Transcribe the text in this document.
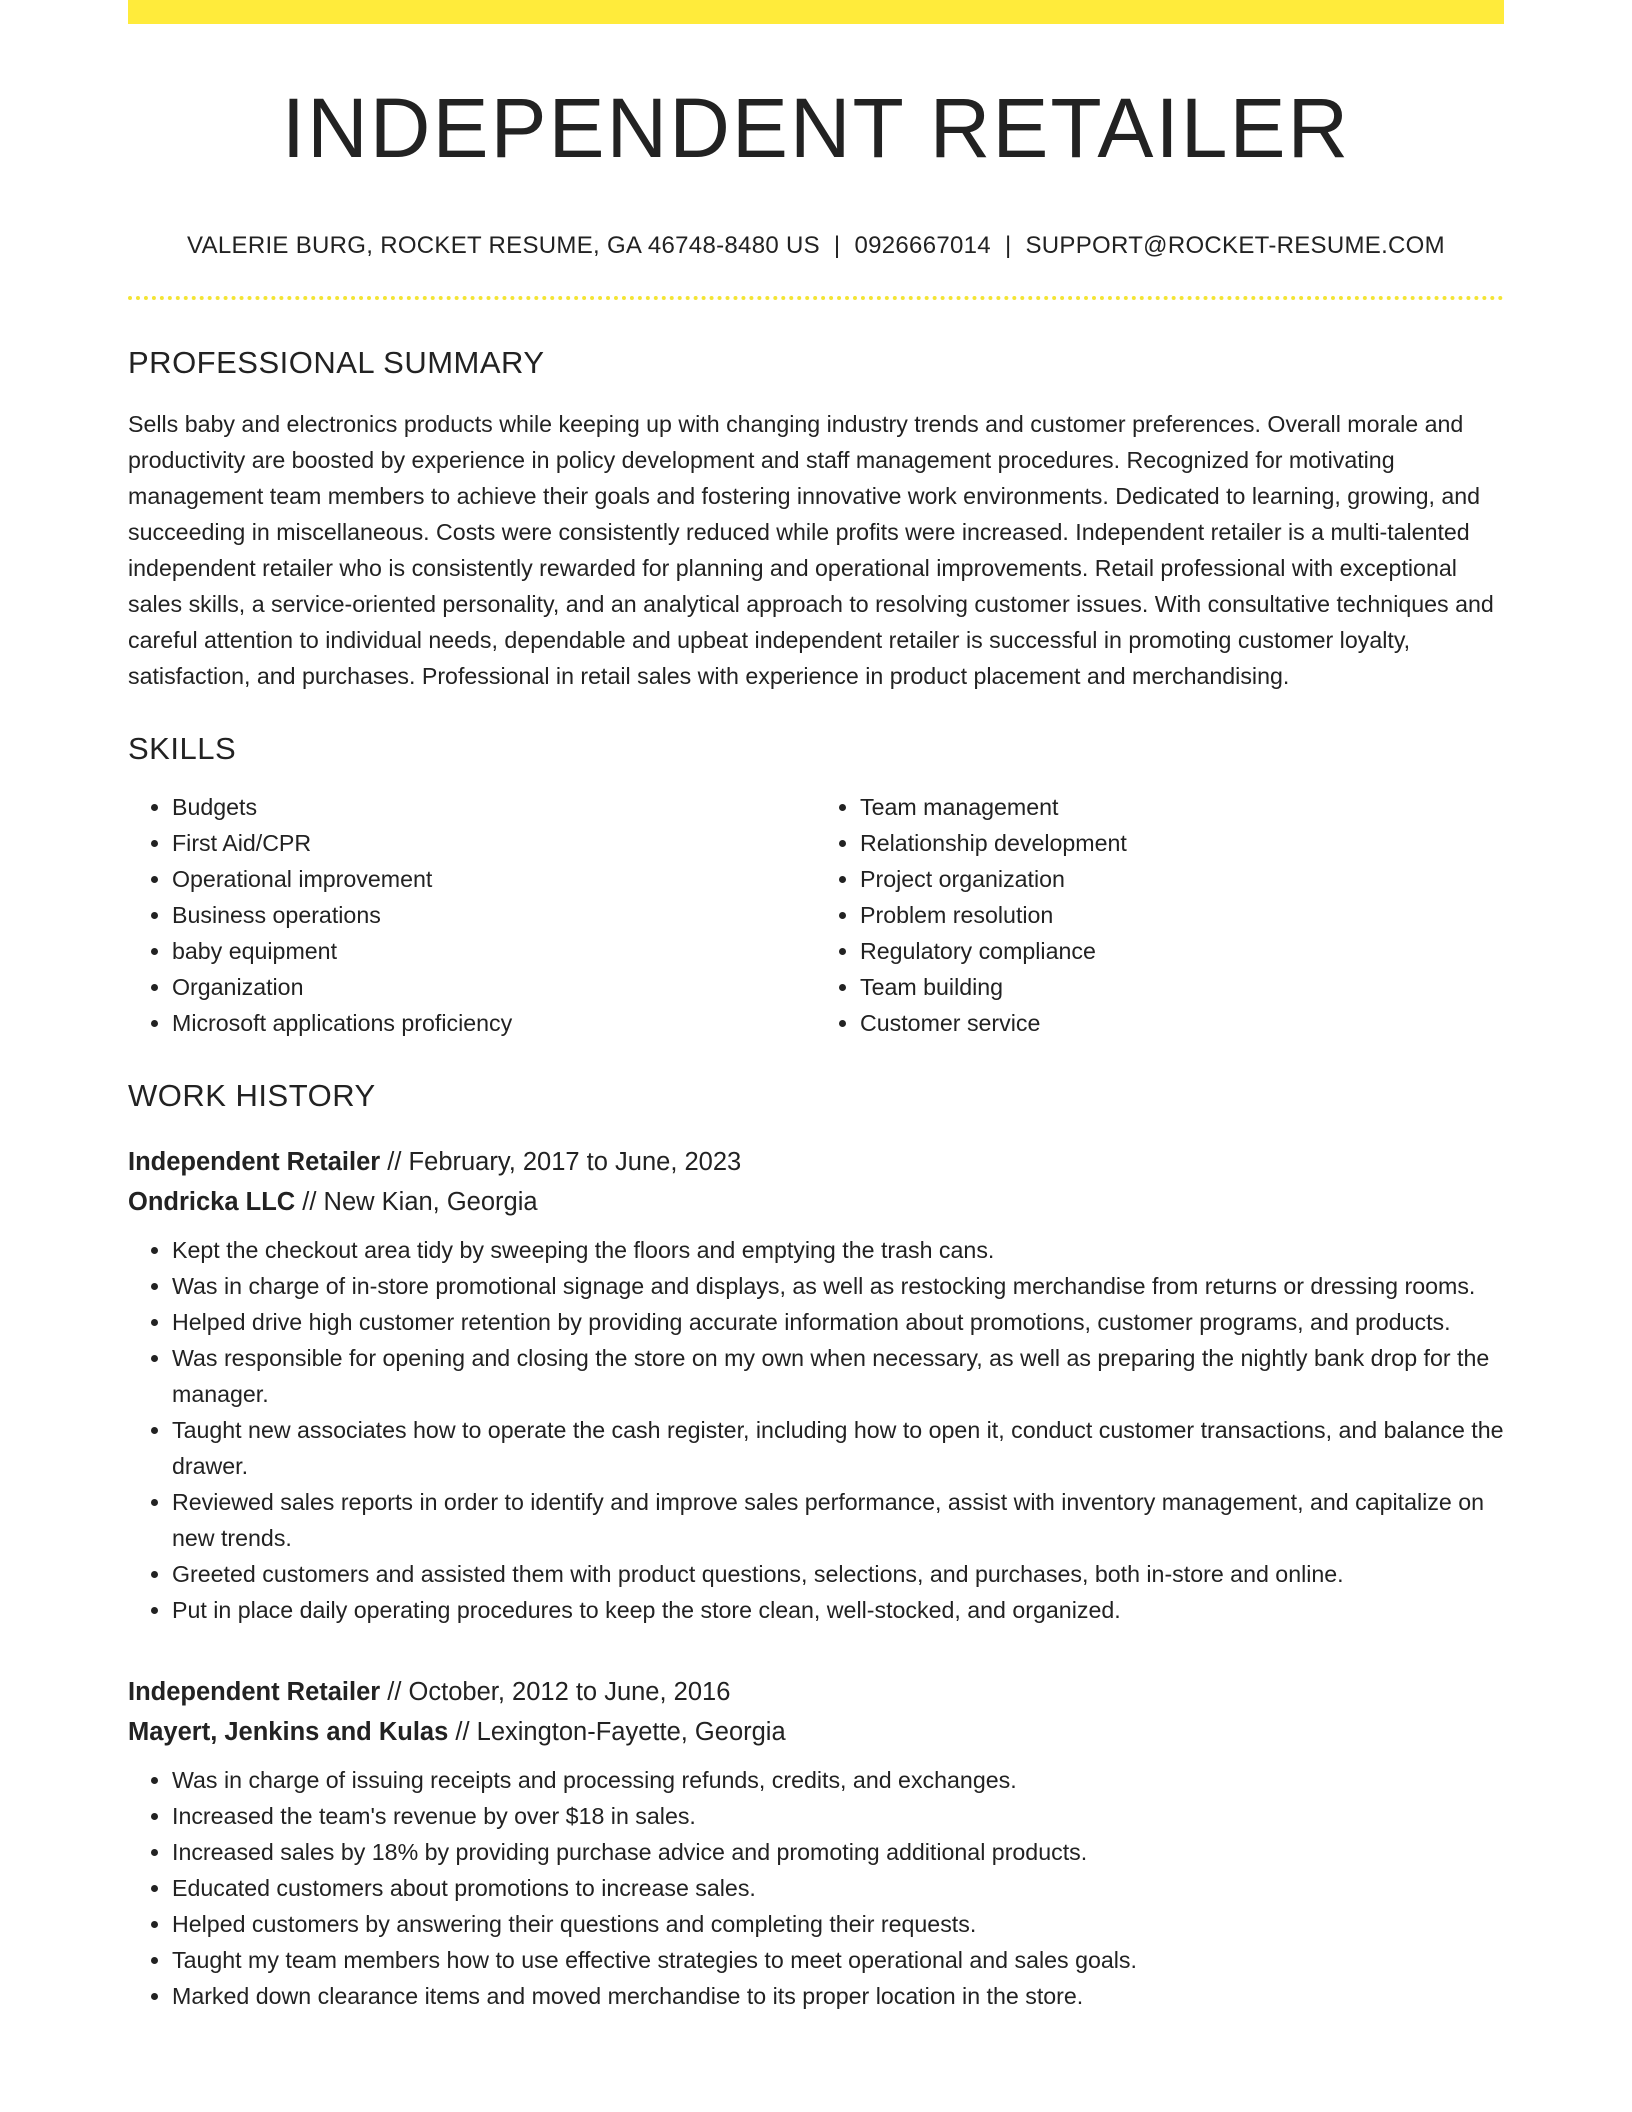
INDEPENDENT RETAILER
VALERIE BURG, ROCKET RESUME, GA 46748-8480 US | 0926667014 | SUPPORT@ROCKET-RESUME.COM
PROFESSIONAL SUMMARY
Sells baby and electronics products while keeping up with changing industry trends and customer preferences. Overall morale and productivity are boosted by experience in policy development and staff management procedures. Recognized for motivating management team members to achieve their goals and fostering innovative work environments. Dedicated to learning, growing, and succeeding in miscellaneous. Costs were consistently reduced while profits were increased. Independent retailer is a multi-talented independent retailer who is consistently rewarded for planning and operational improvements. Retail professional with exceptional sales skills, a service-oriented personality, and an analytical approach to resolving customer issues. With consultative techniques and careful attention to individual needs, dependable and upbeat independent retailer is successful in promoting customer loyalty, satisfaction, and purchases. Professional in retail sales with experience in product placement and merchandising.
SKILLS
• Budgets
• First Aid/CPR
• Operational improvement
• Business operations
• baby equipment
• Organization
• Microsoft applications proficiency
• Team management
• Relationship development
• Project organization
• Problem resolution
• Regulatory compliance
• Team building
• Customer service
WORK HISTORY
Independent Retailer // February, 2017 to June, 2023
Ondricka LLC // New Kian, Georgia
• Kept the checkout area tidy by sweeping the floors and emptying the trash cans.
• Was in charge of in-store promotional signage and displays, as well as restocking merchandise from returns or dressing rooms.
• Helped drive high customer retention by providing accurate information about promotions, customer programs, and products.
• Was responsible for opening and closing the store on my own when necessary, as well as preparing the nightly bank drop for the manager.
• Taught new associates how to operate the cash register, including how to open it, conduct customer transactions, and balance the drawer.
• Reviewed sales reports in order to identify and improve sales performance, assist with inventory management, and capitalize on new trends.
• Greeted customers and assisted them with product questions, selections, and purchases, both in-store and online.
• Put in place daily operating procedures to keep the store clean, well-stocked, and organized.
Independent Retailer // October, 2012 to June, 2016
Mayert, Jenkins and Kulas // Lexington-Fayette, Georgia
• Was in charge of issuing receipts and processing refunds, credits, and exchanges.
• Increased the team's revenue by over $18 in sales.
• Increased sales by 18% by providing purchase advice and promoting additional products.
• Educated customers about promotions to increase sales.
• Helped customers by answering their questions and completing their requests.
• Taught my team members how to use effective strategies to meet operational and sales goals.
• Marked down clearance items and moved merchandise to its proper location in the store.
